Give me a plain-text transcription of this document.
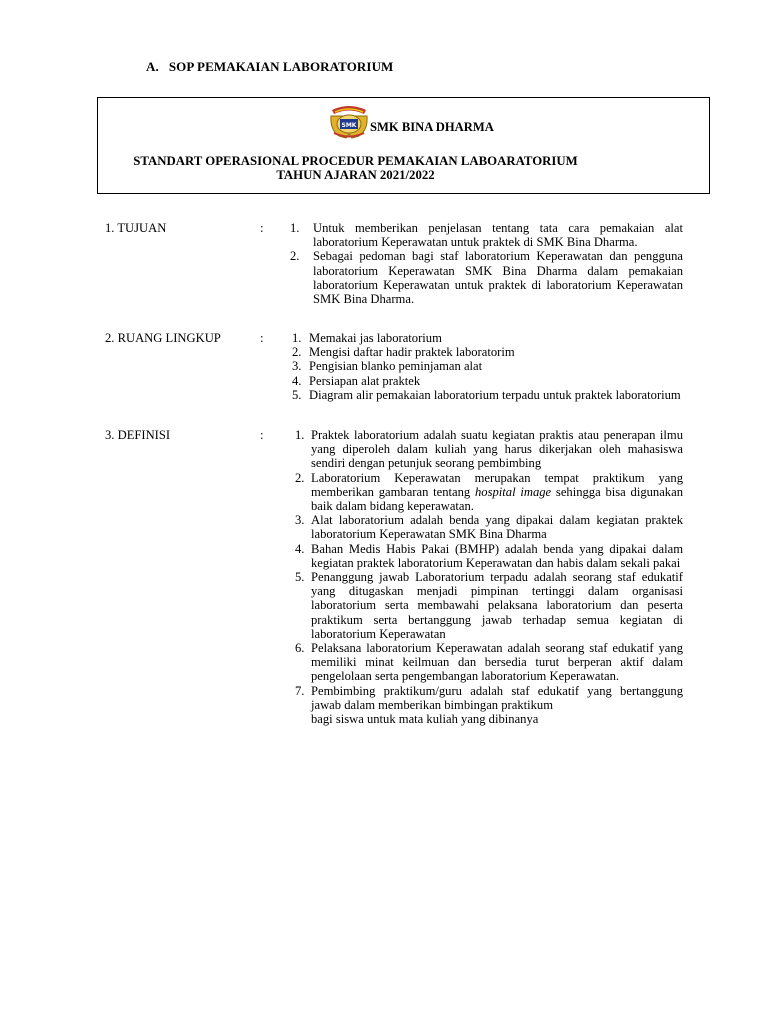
A. SOP PEMAKAIAN LABORATORIUM
SMK SMK BINA DHARMA
STANDART OPERASIONAL PROCEDUR PEMAKAIAN LABOARATORIUM
TAHUN AJARAN 2021/2022
1. TUJUAN	: 1. Untuk memberikan penjelasan tentang tata cara pemakaian alat laboratorium Keperawatan untuk praktek di SMK Bina Dharma.
2. Sebagai pedoman bagi staf laboratorium Keperawatan dan pengguna laboratorium Keperawatan SMK Bina Dharma dalam pemakaian laboratorium Keperawatan untuk praktek di laboratorium Keperawatan SMK Bina Dharma.
2. RUANG LINGKUP	: 1. Memakai jas laboratorium
2. Mengisi daftar hadir praktek laboratorim
3. Pengisian blanko peminjaman alat
4. Persiapan alat praktek
5. Diagram alir pemakaian laboratorium terpadu untuk praktek laboratorium
3. DEFINISI	:	1. Praktek laboratorium adalah suatu kegiatan praktis atau penerapan ilmu yang diperoleh dalam kuliah yang harus dikerjakan oleh mahasiswa sendiri dengan petunjuk seorang pembimbing
2. Laboratorium Keperawatan merupakan tempat praktikum yang memberikan gambaran tentang hospital image sehingga bisa digunakan baik dalam bidang keperawatan.
3. Alat laboratorium adalah benda yang dipakai dalam kegiatan praktek laboratorium Keperawatan SMK Bina Dharma
4. Bahan Medis Habis Pakai (BMHP) adalah benda yang dipakai dalam kegiatan praktek laboratorium Keperawatan dan habis dalam sekali pakai
5. Penanggung jawab Laboratorium terpadu adalah seorang staf edukatif yang ditugaskan menjadi pimpinan tertinggi dalam organisasi laboratorium serta membawahi pelaksana laboratorium dan peserta praktikum serta bertanggung jawab terhadap semua kegiatan di laboratorium Keperawatan
6. Pelaksana laboratorium Keperawatan adalah seorang staf edukatif yang memiliki minat keilmuan dan bersedia turut berperan aktif dalam pengelolaan serta pengembangan laboratorium Keperawatan.
7. Pembimbing praktikum/guru adalah staf edukatif yang bertanggung jawab dalam memberikan bimbingan praktikum
bagi siswa untuk mata kuliah yang dibinanya
